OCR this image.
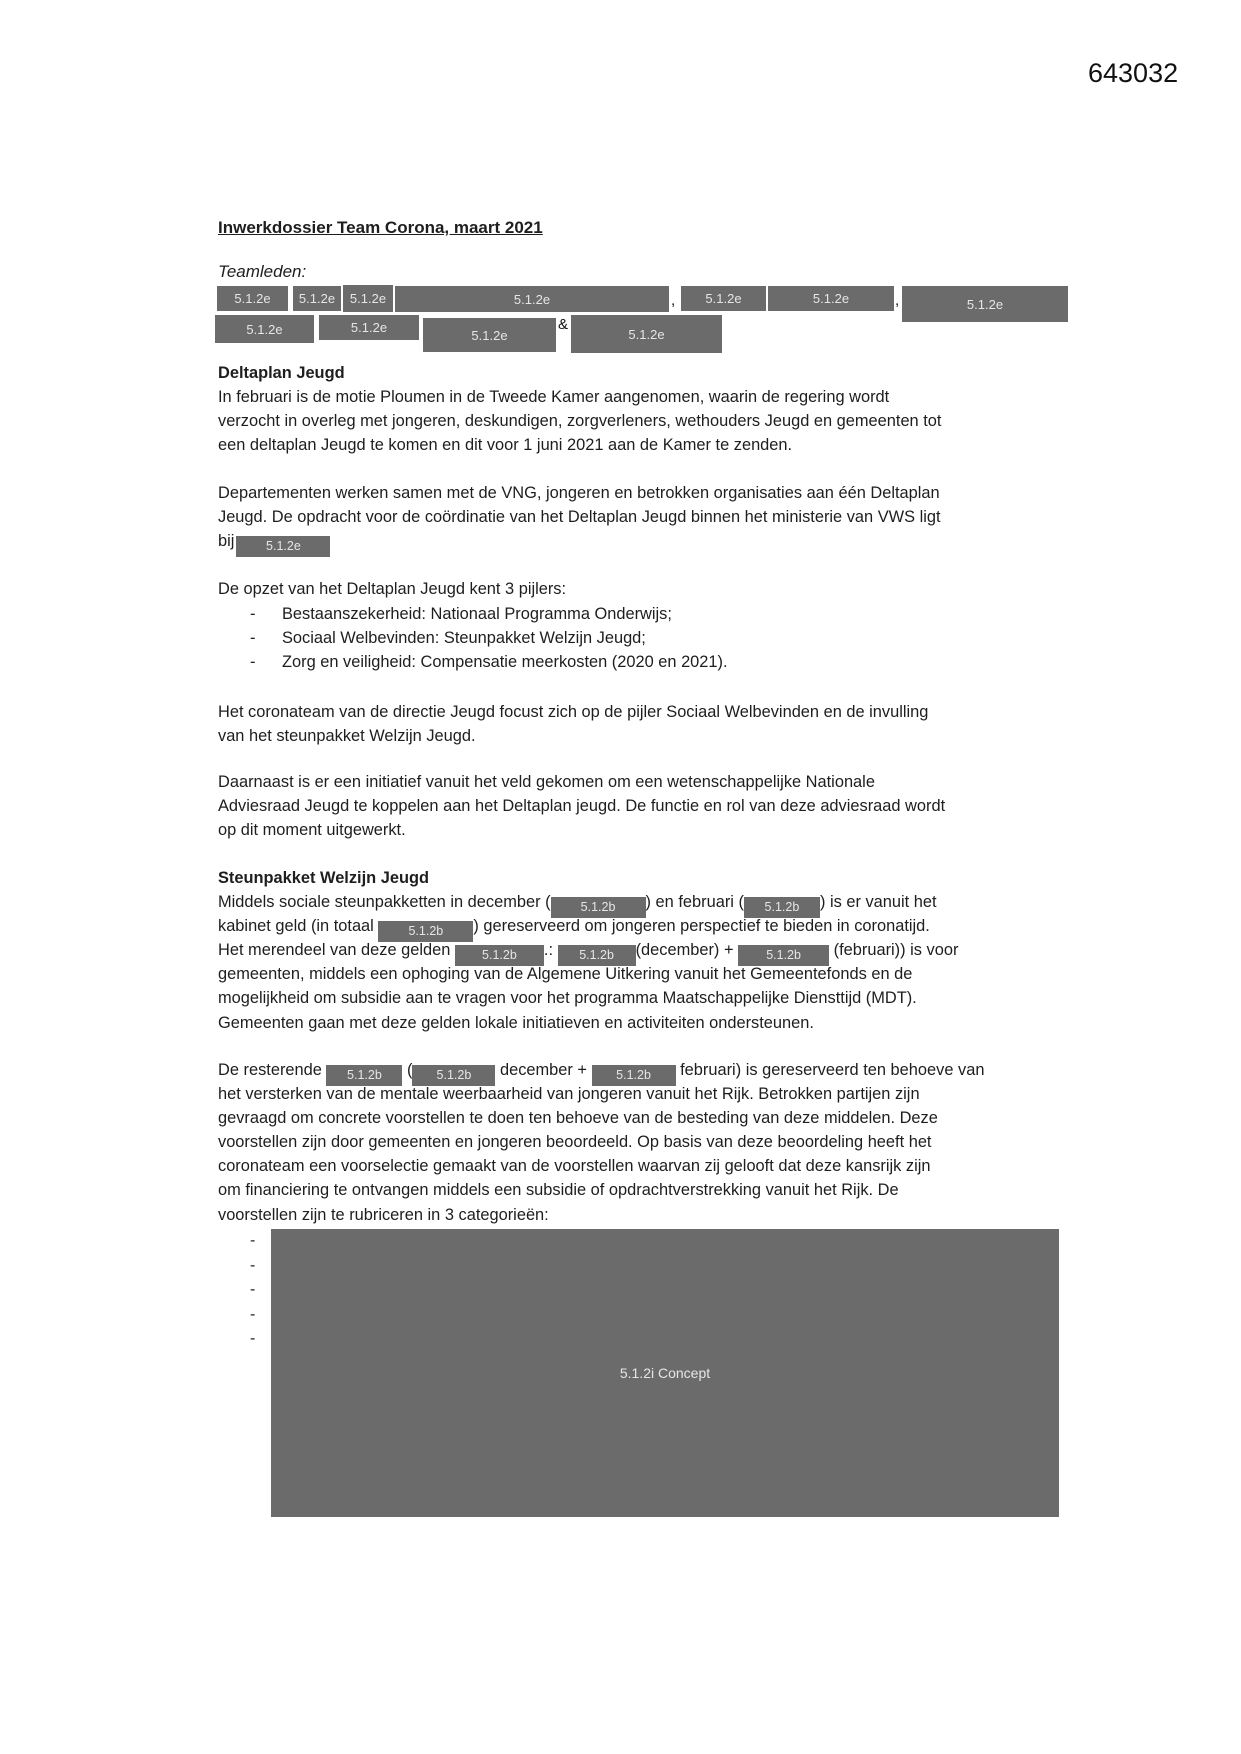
643032
Inwerkdossier Team Corona, maart 2021
Teamleden:
5.1.2e	5.1.2e	5.1.2e	5.1.2e	,	5.1.2e	5.1.2e	,	5.1.2e
5.1.2e	5.1.2e	5.1.2e
&
5.1.2e
Deltaplan Jeugd
In februari is de motie Ploumen in de Tweede Kamer aangenomen, waarin de regering wordt
verzocht in overleg met jongeren, deskundigen, zorgverleners, wethouders Jeugd en gemeenten tot
een deltaplan Jeugd te komen en dit voor 1 juni 2021 aan de Kamer te zenden.
Departementen werken samen met de VNG, jongeren en betrokken organisaties aan één Deltaplan
Jeugd. De opdracht voor de coördinatie van het Deltaplan Jeugd binnen het ministerie van VWS ligt
bij	5.1.2e
De opzet van het Deltaplan Jeugd kent 3 pijlers:
- Bestaanszekerheid: Nationaal Programma Onderwijs;
- Sociaal Welbevinden: Steunpakket Welzijn Jeugd;
- Zorg en veiligheid: Compensatie meerkosten (2020 en 2021).
Het coronateam van de directie Jeugd focust zich op de pijler Sociaal Welbevinden en de invulling
van het steunpakket Welzijn Jeugd.
Daarnaast is er een initiatief vanuit het veld gekomen om een wetenschappelijke Nationale
Adviesraad Jeugd te koppelen aan het Deltaplan jeugd. De functie en rol van deze adviesraad wordt
op dit moment uitgewerkt.
Steunpakket Welzijn Jeugd
Middels sociale steunpakketten in december ( 5.1.2b ) en februari ( 5.1.2b ) is er vanuit het
kabinet geld (in totaal 5.1.2b ) gereserveerd om jongeren perspectief te bieden in coronatijd.
Het merendeel van deze gelden 5.1.2b .: 5.1.2b (december) + 5.1.2b (februari)) is voor
gemeenten, middels een ophoging van de Algemene Uitkering vanuit het Gemeentefonds en de
mogelijkheid om subsidie aan te vragen voor het programma Maatschappelijke Diensttijd (MDT).
Gemeenten gaan met deze gelden lokale initiatieven en activiteiten ondersteunen.
De resterende 5.1.2b ( 5.1.2b december + 5.1.2b februari) is gereserveerd ten behoeve van
het versterken van de mentale weerbaarheid van jongeren vanuit het Rijk. Betrokken partijen zijn
gevraagd om concrete voorstellen te doen ten behoeve van de besteding van deze middelen. Deze
voorstellen zijn door gemeenten en jongeren beoordeeld. Op basis van deze beoordeling heeft het
coronateam een voorselectie gemaakt van de voorstellen waarvan zij gelooft dat deze kansrijk zijn
om financiering te ontvangen middels een subsidie of opdrachtverstrekking vanuit het Rijk. De
voorstellen zijn te rubriceren in 3 categorieën:
-
-
-
-
-
5.1.2i Concept
